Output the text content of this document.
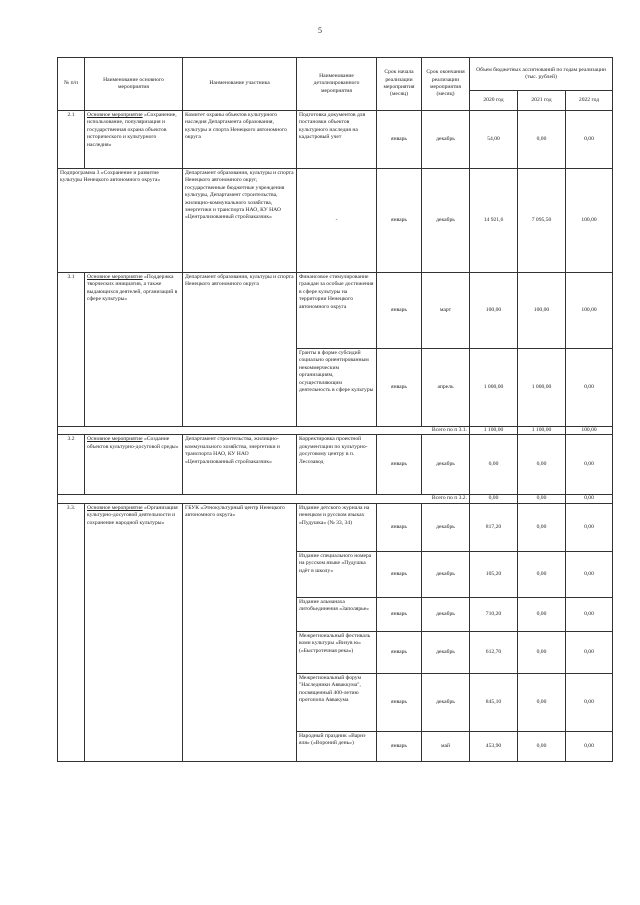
5
№ п/п	Наименование основного мероприятия	Наименование участника	Наименование детализированного мероприятия	Срок начала реализации мероприятия (месяц)	Срок окончания реализации мероприятия (месяц)	Объем бюджетных ассигнований по годам реализации (тыс. рублей)		
						2020 год	2021 год	2022 год
2.1	Основное мероприятие «Сохранение, использование, популяризация и государственная охрана объектов исторического и культурного наследия»	Комитет охраны объектов культурного наследия Департамента образования, культуры и спорта Ненецкого автономного округа	Подготовка документов для постановки объектов культурного наследия на кадастровый учет	январь	декабрь	54,00	0,00	0,00
Подпрограмма 3 «Сохранение и развитие культуры Ненецкого автономного округа»		Департамент образования, культуры и спорта Ненецкого автономного округ, государственные бюджетные учреждения культуры, Департамент строительства, жилищно-коммунального хозяйства, энергетики и транспорта НАО, КУ НАО «Централизованный стройзаказчик»	-	январь	декабрь	14 921,6	7 095,50	100,00
3.1	Основное мероприятие «Поддержка творческих инициатив, а также выдающихся деятелей, организаций в сфере культуры»	Департамент образования, культуры и спорта Ненецкого автономного округа	Финансовое стимулирование граждан за особые достижения в сфере культуры на территории Ненецкого автономного округа	январь	март	100,00	100,00	100,00
			Гранты в форме субсидий социально ориентированным некоммерческим организациям, осуществляющим деятельность в сфере культуры	январь	апрель	1 000,00	1 000,00	0,00
Всего по п 3.1.						1 100,00	1 100,00	100,00
3.2	Основное мероприятие «Создание объектов культурно-досуговой среды»	Департамент строительства, жилищно-коммунального хозяйства, энергетики и транспорта НАО, КУ НАО «Централизованный стройзаказчик»	Корректировка проектной документации по культурно-досуговому центру в п. Лесозавод	январь	декабрь	0,00	0,00	0,00
Всего по п 3.2.						0,00	0,00	0,00
3.3.	Основное мероприятие «Организация культурно-досуговой деятельности и сохранение народной культуры»	ГБУК «Этнокультурный центр Ненецкого автономного округа»	Издание детского журнала на ненецком и русском языках «Пудушка» (№ 33, 34)	январь	декабрь	817,20	0,00	0,00
			Издание специального номера на русском языке «Пудушка идёт в школу»	январь	декабрь	105,20	0,00	0,00
			Издание альманаха литобъединения «Заполярье»	январь	декабрь	710,20	0,00	0,00
			Межрегиональный фестиваль коми культуры «Визув ю» («Быстротечная река»)	январь	декабрь	612,70	0,00	0,00
			Межрегиональный форум "Наследники Авваккума", посвященный 400-летию протопопа Аввакума	январь	декабрь	845,10	0,00	0,00
			Народный праздник «Варнэ яля» («Вороний день»)	январь	май	453,90	0,00	0,00
